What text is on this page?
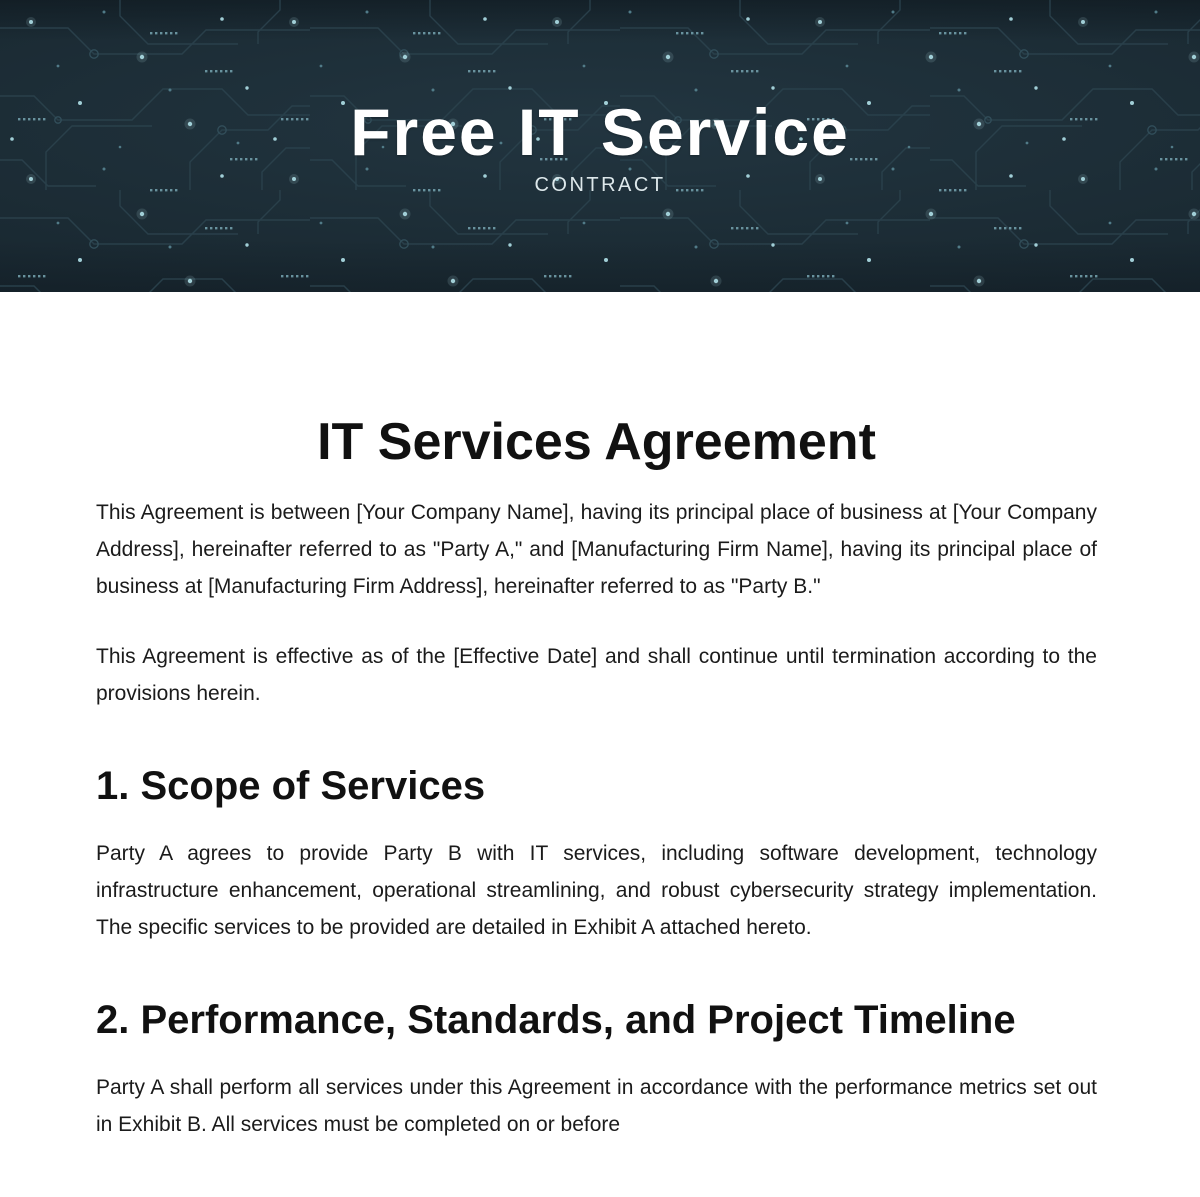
Free IT Service
CONTRACT
IT Services Agreement

This Agreement is between [Your Company Name], having its principal place of business at [Your Company Address], hereinafter referred to as "Party A," and [Manufacturing Firm Name], having its principal place of business at [Manufacturing Firm Address], hereinafter referred to as "Party B."

This Agreement is effective as of the [Effective Date] and shall continue until termination according to the provisions herein.

1. Scope of Services

Party A agrees to provide Party B with IT services, including software development, technology infrastructure enhancement, operational streamlining, and robust cybersecurity strategy implementation. The specific services to be provided are detailed in Exhibit A attached hereto.

2. Performance, Standards, and Project Timeline

Party A shall perform all services under this Agreement in accordance with the performance metrics set out in Exhibit B. All services must be completed on or before
